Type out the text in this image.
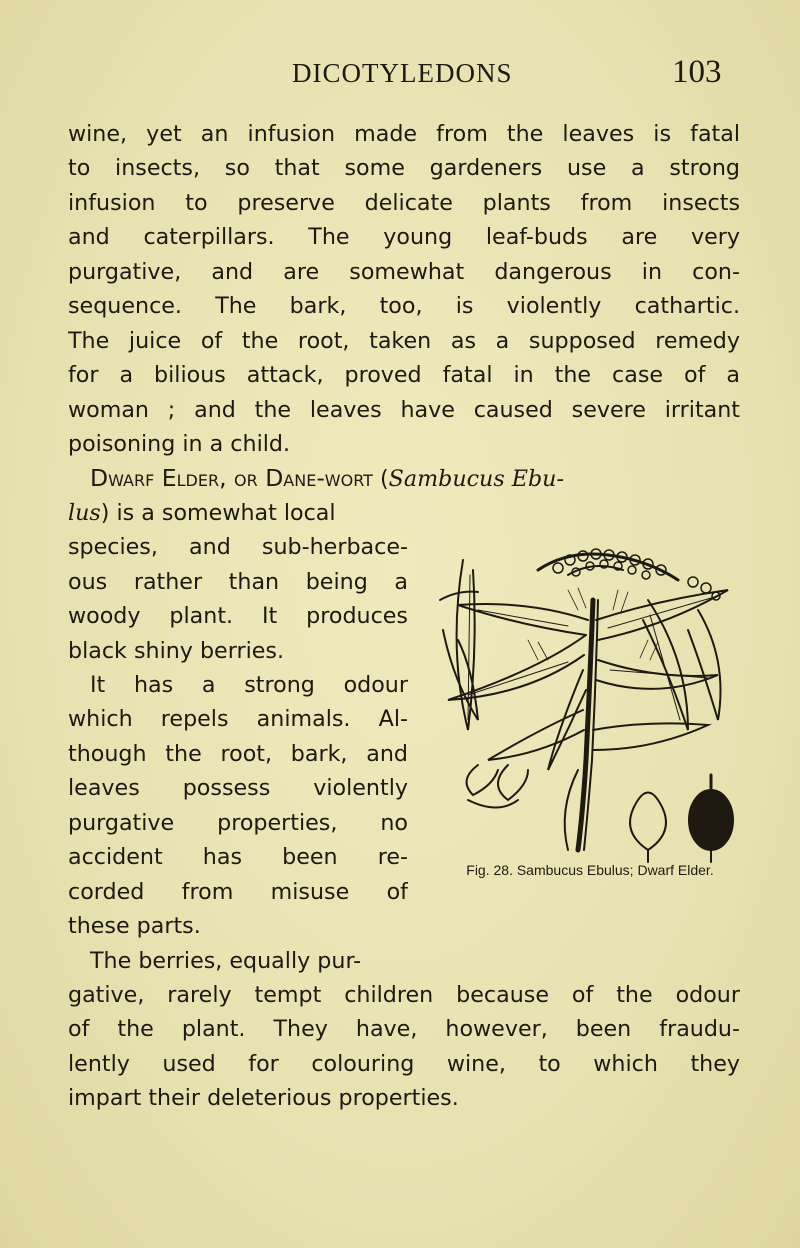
DICOTYLEDONS	103
wine, yet an infusion made from the leaves is fatal
to insects, so that some gardeners use a strong
infusion to preserve delicate plants from insects
and caterpillars. The young leaf-buds are very
purgative, and are somewhat dangerous in con-
sequence. The bark, too, is violently cathartic.
The juice of the root, taken as a supposed remedy
for a bilious attack, proved fatal in the case of a
woman ; and the leaves have caused severe irritant
poisoning in a child.
Dwarf Elder, or Dane-wort (Sambucus Ebu-
lus) is a somewhat local
species, and sub-herbace-
ous rather than being a
woody plant. It produces
black shiny berries.
It has a strong odour
which repels animals. Al-
though the root, bark, and
leaves possess violently
purgative properties, no
accident has been re-
corded from misuse of
these parts.
The berries, equally pur-
gative, rarely tempt children because of the odour
of the plant. They have, however, been fraudu-
lently used for colouring wine, to which they
impart their deleterious properties.
Fig. 28. Sambucus Ebulus; Dwarf Elder.
